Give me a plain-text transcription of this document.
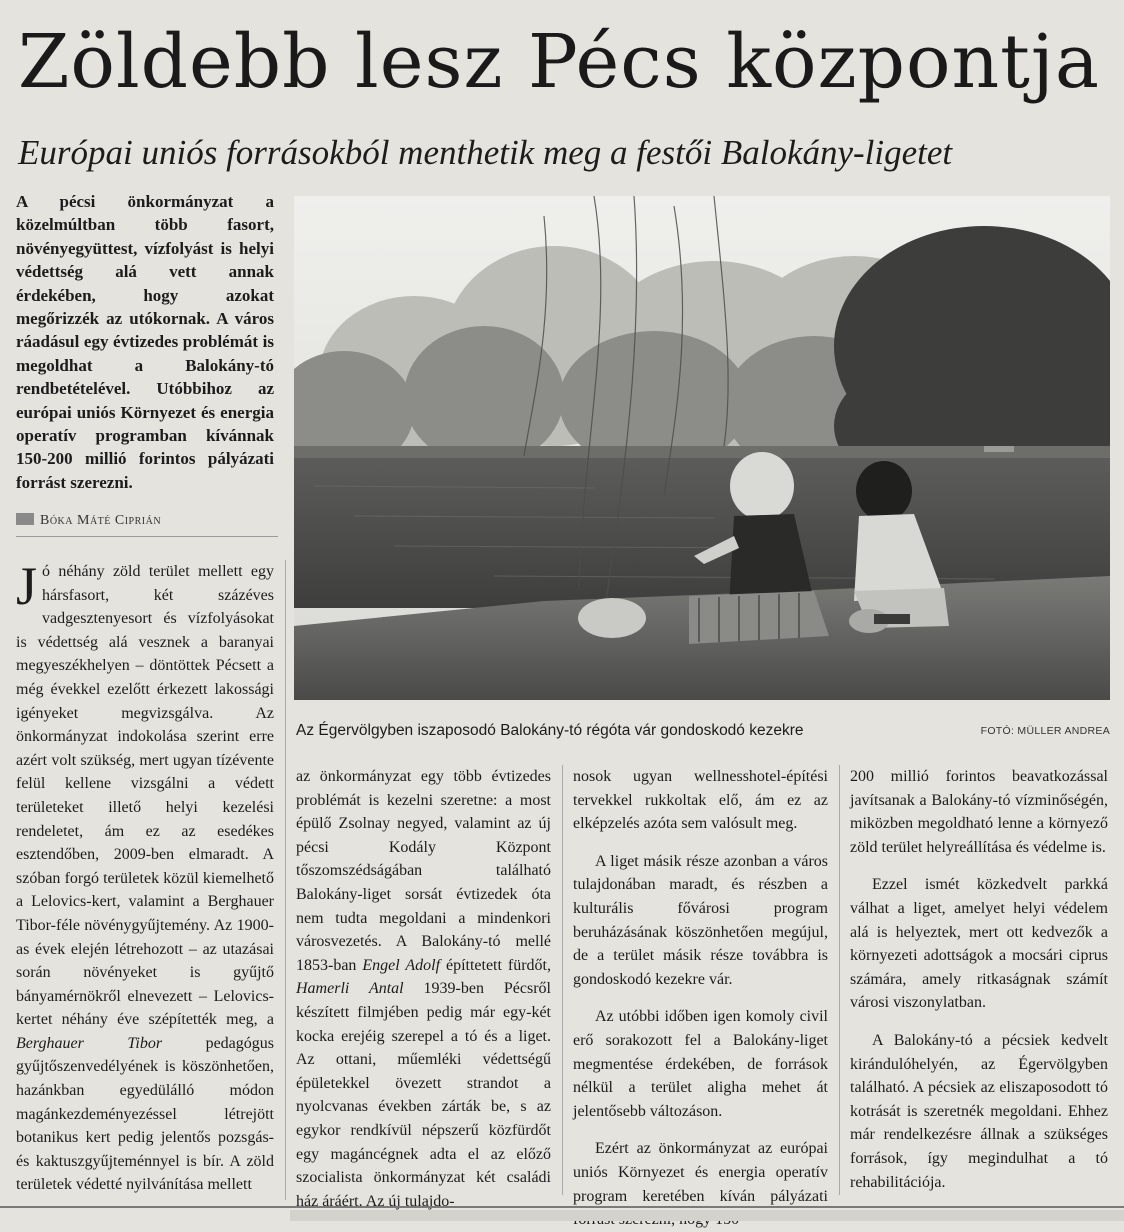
Zöldebb lesz Pécs központja
Európai uniós forrásokból menthetik meg a festői Balokány-ligetet

A pécsi önkormányzat a közelmúltban több fasort, növényegyüttest, vízfolyást is helyi védettség alá vett annak érdekében, hogy azokat megőrizzék az utókornak. A város ráadásul egy évtizedes problémát is megoldhat a Balokány-tó rendbetételével. Utóbbihoz az európai uniós Környezet és energia operatív programban kívánnak 150-200 millió forintos pályázati forrást szerezni.

Bóka Máté Ciprián
Az Égervölgyben iszaposodó Balokány-tó régóta vár gondoskodó kezekre	FOTÓ: MÜLLER ANDREA

Jó néhány zöld terület mellett egy hársfasort, két százéves vadgesztenyesort és vízfolyásokat is védettség alá vesznek a baranyai megyeszékhelyen – döntöttek Pécsett a még évekkel ezelőtt érkezett lakossági igényeket megvizsgálva. Az önkormányzat indokolása szerint erre azért volt szükség, mert ugyan tízévente felül kellene vizsgálni a védett területeket illető helyi kezelési rendeletet, ám ez az esedékes esztendőben, 2009-ben elmaradt. A szóban forgó területek közül kiemelhető a Lelovics-kert, valamint a Berghauer Tibor-féle növénygyűjtemény. Az 1900-as évek elején létrehozott – az utazásai során növényeket is gyűjtő bányamérnökről elnevezett – Lelovics-kertet néhány éve szépítették meg, a Berghauer Tibor pedagógus gyűjtőszenvedélyének is köszönhetően, hazánkban egyedülálló módon magánkezdeményezéssel létrejött botanikus kert pedig jelentős pozsgás- és kaktuszgyűjteménnyel is bír. A zöld területek védetté nyilvánítása mellett

az önkormányzat egy több évtizedes problémát is kezelni szeretne: a most épülő Zsolnay negyed, valamint az új pécsi Kodály Központ tőszomszédságában található Balokány-liget sorsát évtizedek óta nem tudta megoldani a mindenkori városvezetés. A Balokány-tó mellé 1853-ban Engel Adolf építtetett fürdőt, Hamerli Antal 1939-ben Pécsről készített filmjében pedig már egy-két kocka erejéig szerepel a tó és a liget. Az ottani, műemléki védettségű épületekkel övezett strandot a nyolcvanas években zárták be, s az egykor rendkívül népszerű közfürdőt egy magáncégnek adta el az előző szocialista önkormányzat két családi ház áráért. Az új tulajdo-

nosok ugyan wellnesshotel-építési tervekkel rukkoltak elő, ám ez az elképzelés azóta sem valósult meg.

A liget másik része azonban a város tulajdonában maradt, és részben a kulturális fővárosi program beruházásának köszönhetően megújul, de a terület másik része továbbra is gondoskodó kezekre vár.

Az utóbbi időben igen komoly civil erő sorakozott fel a Balokány-liget megmentése érdekében, de források nélkül a terület aligha mehet át jelentősebb változáson.

Ezért az önkormányzat az európai uniós Környezet és energia operatív program keretében kíván pályázati

200 millió forintos beavatkozással javítsanak a Balokány-tó vízminőségén, miközben megoldható lenne a környező zöld terület helyreállítása és védelme is.

Ezzel ismét közkedvelt parkká válhat a liget, amelyet helyi védelem alá is helyeztek, mert ott kedvezők a környezeti adottságok a mocsári ciprus számára, amely ritkaságnak számít városi viszonylatban.

A Balokány-tó a pécsiek kedvelt kirándulóhelyén, az Égervölgyben található. A pécsiek az eliszaposodott tó kotrását is szeretnék megoldani. Ehhez már rendelkezésre állnak a szükséges források, így megindulhat a tó rehabilitációja.
